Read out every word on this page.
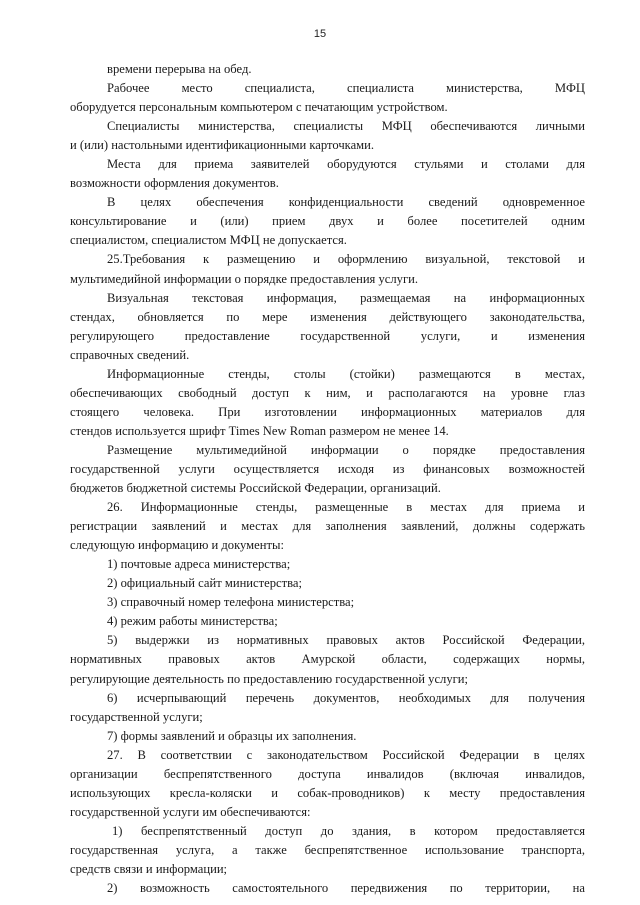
15
времени перерыва на обед.
Рабочее место специалиста, специалиста министерства, МФЦ
оборудуется персональным компьютером с печатающим устройством.
Специалисты министерства, специалисты МФЦ обеспечиваются личными
и (или) настольными идентификационными карточками.
Места для приема заявителей оборудуются стульями и столами для
возможности оформления документов.
В целях обеспечения конфиденциальности сведений одновременное
консультирование и (или) прием двух и более посетителей одним
специалистом, специалистом МФЦ не допускается.
25.Требования к размещению и оформлению визуальной, текстовой и
мультимедийной информации о порядке предоставления услуги.
Визуальная текстовая информация, размещаемая на информационных
стендах, обновляется по мере изменения действующего законодательства,
регулирующего предоставление государственной услуги, и изменения
справочных сведений.
Информационные стенды, столы (стойки) размещаются в местах,
обеспечивающих свободный доступ к ним, и располагаются на уровне глаз
стоящего человека. При изготовлении информационных материалов для
стендов используется шрифт Times New Roman размером не менее 14.
Размещение мультимедийной информации о порядке предоставления
государственной услуги осуществляется исходя из финансовых возможностей
бюджетов бюджетной системы Российской Федерации, организаций.
26. Информационные стенды, размещенные в местах для приема и
регистрации заявлений и местах для заполнения заявлений, должны содержать
следующую информацию и документы:
1) почтовые адреса министерства;
2) официальный сайт министерства;
3) справочный номер телефона министерства;
4) режим работы министерства;
5) выдержки из нормативных правовых актов Российской Федерации,
нормативных правовых актов Амурской области, содержащих нормы,
регулирующие деятельность по предоставлению государственной услуги;
6) исчерпывающий перечень документов, необходимых для получения
государственной услуги;
7) формы заявлений и образцы их заполнения.
27. В соответствии с законодательством Российской Федерации в целях
организации беспрепятственного доступа инвалидов (включая инвалидов,
использующих кресла-коляски и собак-проводников) к месту предоставления
государственной услуги им обеспечиваются:
1) беспрепятственный доступ до здания, в котором предоставляется
государственная услуга, а также беспрепятственное использование транспорта,
средств связи и информации;
2) возможность самостоятельного передвижения по территории, на
